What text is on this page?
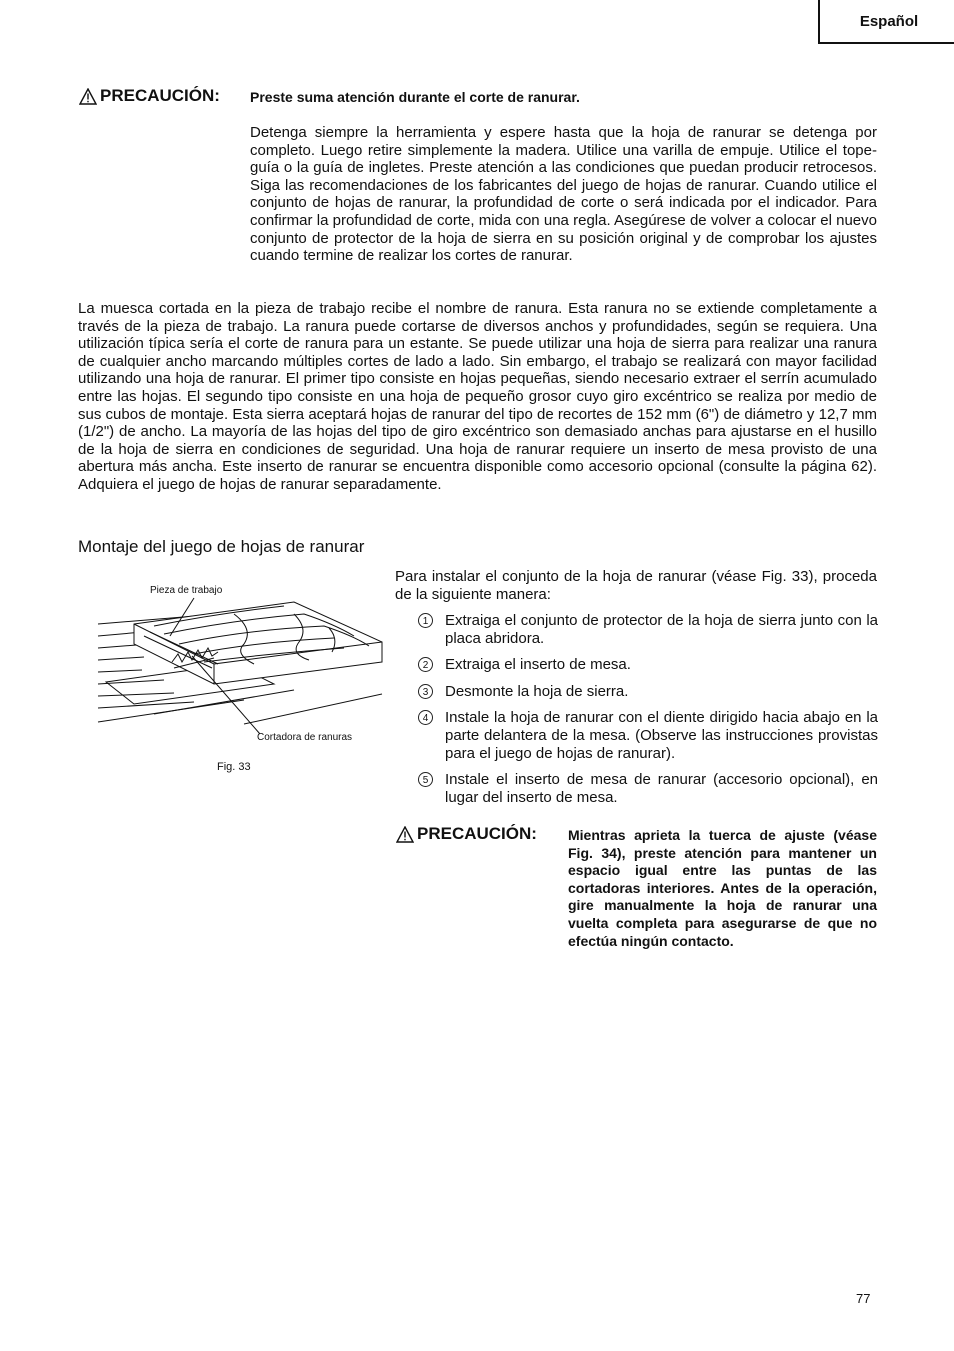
Español
PRECAUCIÓN: Preste suma atención durante el corte de ranurar.

Detenga siempre la herramienta y espere hasta que la hoja de ranurar se detenga por completo. Luego retire simplemente la madera. Utilice una varilla de empuje. Utilice el tope-guía o la guía de ingletes. Preste atención a las condiciones que puedan producir retrocesos. Siga las recomendaciones de los fabricantes del juego de hojas de ranurar. Cuando utilice el conjunto de hojas de ranurar, la profundidad de corte o será indicada por el indicador. Para confirmar la profundidad de corte, mida con una regla. Asegúrese de volver a colocar el nuevo conjunto de protector de la hoja de sierra en su posición original y de comprobar los ajustes cuando termine de realizar los cortes de ranurar.

La muesca cortada en la pieza de trabajo recibe el nombre de ranura. Esta ranura no se extiende completamente a través de la pieza de trabajo. La ranura puede cortarse de diversos anchos y profundidades, según se requiera. Una utilización típica sería el corte de ranura para un estante. Se puede utilizar una hoja de sierra para realizar una ranura de cualquier ancho marcando múltiples cortes de lado a lado. Sin embargo, el trabajo se realizará con mayor facilidad utilizando una hoja de ranurar. El primer tipo consiste en hojas pequeñas, siendo necesario extraer el serrín acumulado entre las hojas. El segundo tipo consiste en una hoja de pequeño grosor cuyo giro excéntrico se realiza por medio de sus cubos de montaje. Esta sierra aceptará hojas de ranurar del tipo de recortes de 152 mm (6") de diámetro y 12,7 mm (1/2") de ancho. La mayoría de las hojas del tipo de giro excéntrico son demasiado anchas para ajustarse en el husillo de la hoja de sierra en condiciones de seguridad. Una hoja de ranurar requiere un inserto de mesa provisto de una abertura más ancha. Este inserto de ranurar se encuentra disponible como accesorio opcional (consulte la página 62). Adquiera el juego de hojas de ranurar separadamente.

Montaje del juego de hojas de ranurar
Pieza de trabajo
Cortadora de ranuras
Fig. 33

Para instalar el conjunto de la hoja de ranurar (véase Fig. 33), proceda de la siguiente manera:

1	Extraiga el conjunto de protector de la hoja de sierra junto con la placa abridora.
2	Extraiga el inserto de mesa.
3	Desmonte la hoja de sierra.
4	Instale la hoja de ranurar con el diente dirigido hacia abajo en la parte delantera de la mesa. (Observe las instrucciones provistas para el juego de hojas de ranurar).
5	Instale el inserto de mesa de ranurar (accesorio opcional), en lugar del inserto de mesa.
PRECAUCIÓN: Mientras aprieta la tuerca de ajuste (véase Fig. 34), preste atención para mantener un espacio igual entre las puntas de las cortadoras interiores. Antes de la operación, gire manualmente la hoja de ranurar una vuelta completa para asegurarse de que no efectúa ningún contacto.

77
